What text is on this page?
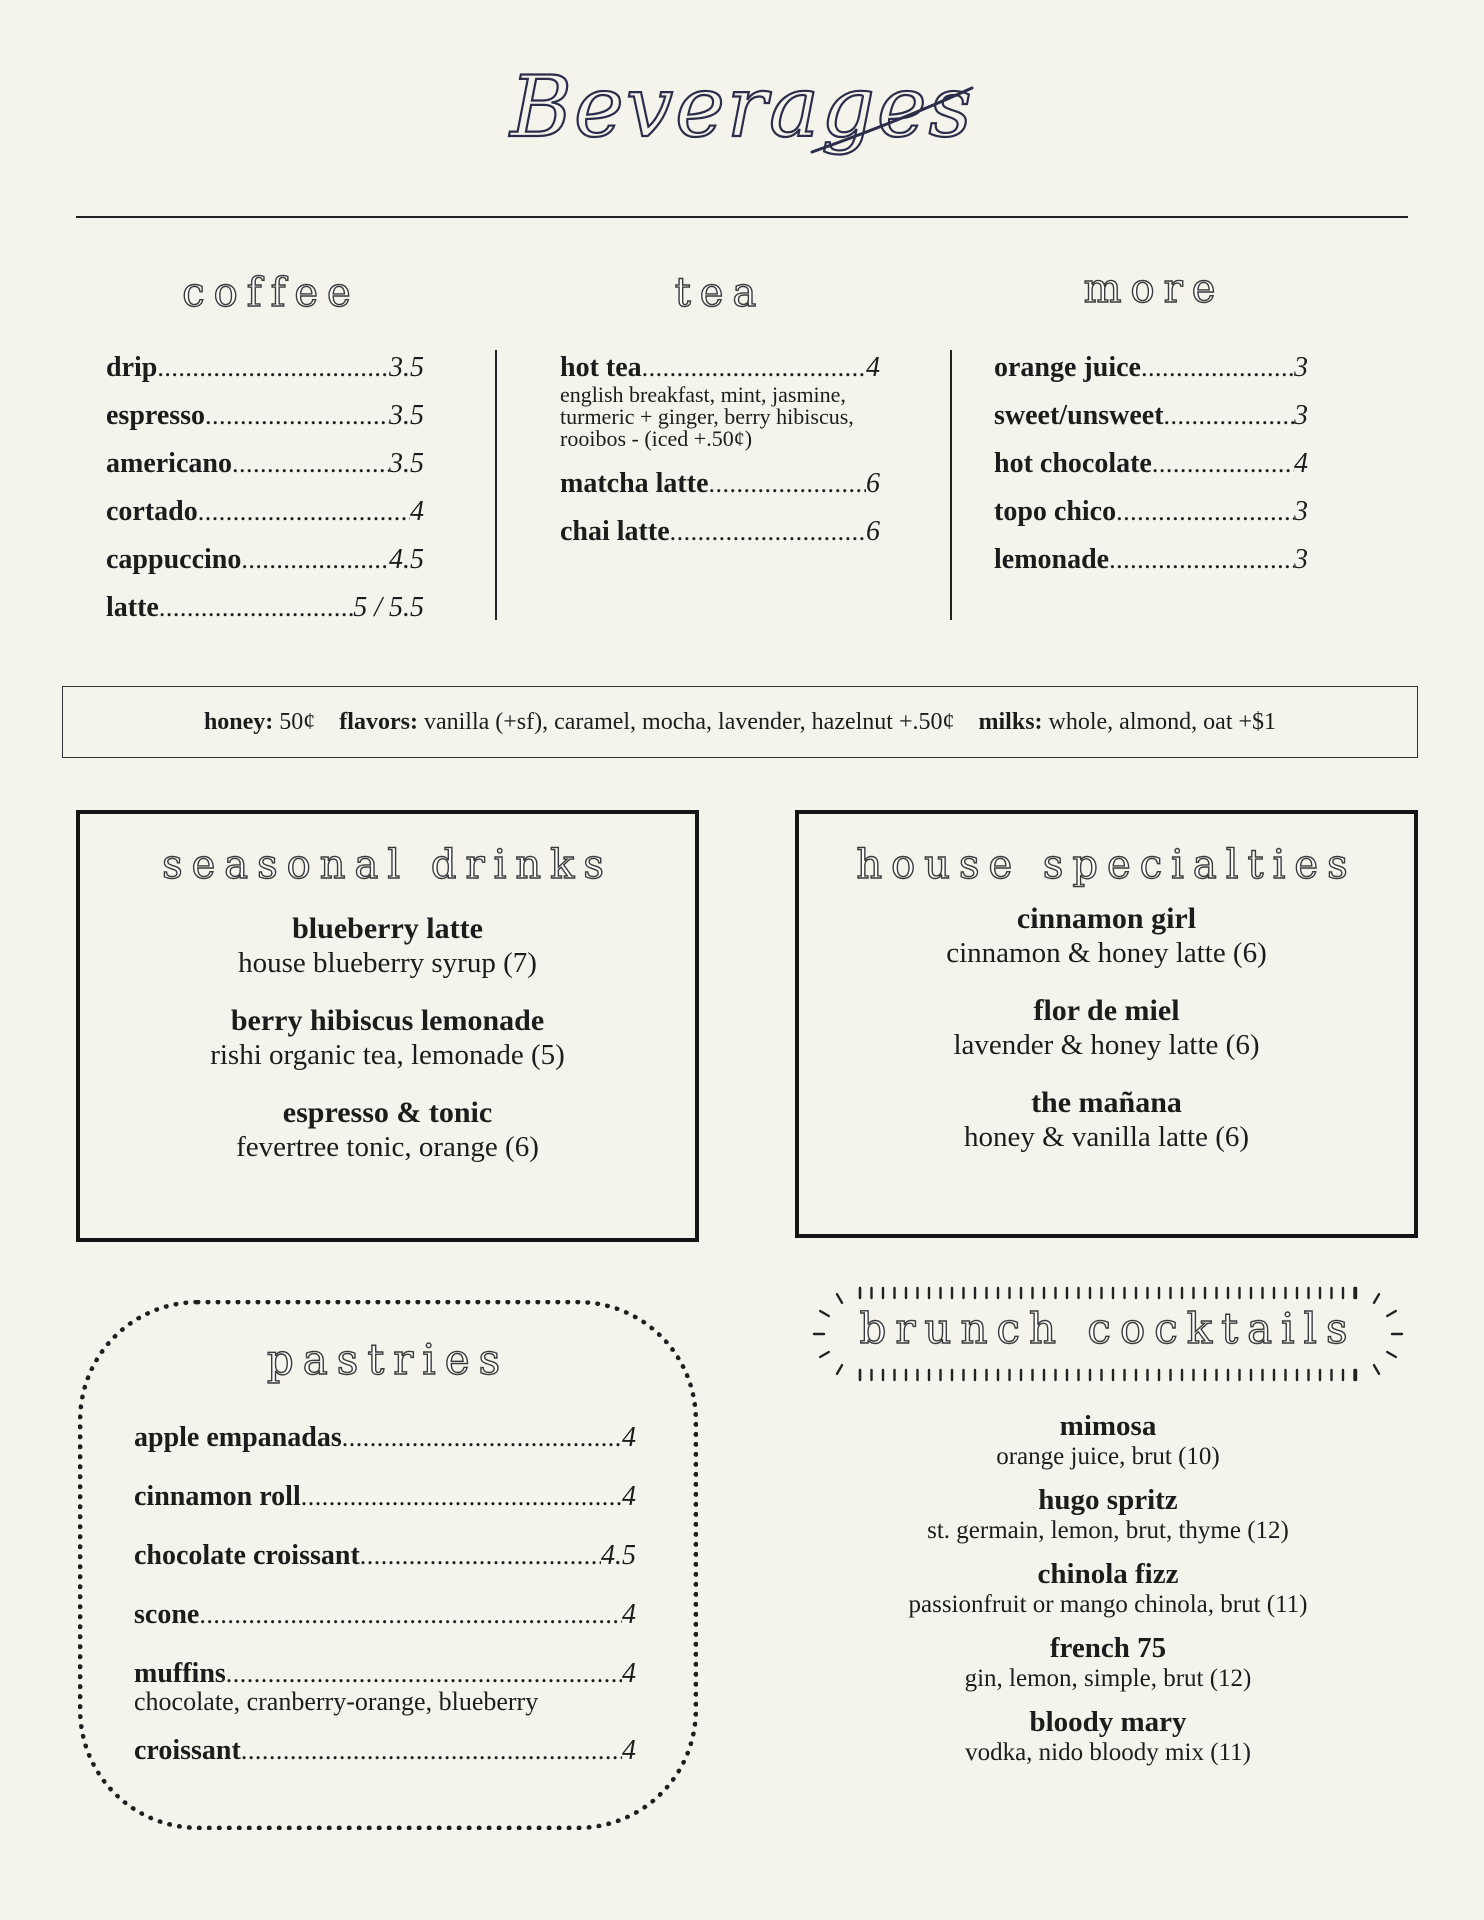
Beverages
coffee
drip .....	3.5
espresso .....	3.5
americano .....	3.5
cortado .....	4
cappuccino .....	4.5
latte .....	5 / 5.5
tea
hot tea .....	4
english breakfast, mint, jasmine, turmeric + ginger, berry hibiscus, rooibos - (iced +.50¢)
matcha latte .....	6
chai latte .....	6
more
orange juice .....	3
sweet/unsweet .....	3
hot chocolate .....	4
topo chico .....	3
lemonade .....	3
honey: 50¢ flavors: vanilla (+sf), caramel, mocha, lavender, hazelnut +.50¢ milks: whole, almond, oat +$1
seasonal drinks
blueberry latte
house blueberry syrup (7)
berry hibiscus lemonade
rishi organic tea, lemonade (5)
espresso & tonic
fevertree tonic, orange (6)
house specialties
cinnamon girl
cinnamon & honey latte (6)
flor de miel
lavender & honey latte (6)
the mañana
honey & vanilla latte (6)
pastries
apple empanadas .....	4
cinnamon roll .....	4
chocolate croissant .....	4.5
scone .....	4
muffins .....	4
chocolate, cranberry-orange, blueberry
croissant .....	4
brunch cocktails
mimosa
orange juice, brut (10)
hugo spritz
st. germain, lemon, brut, thyme (12)
chinola fizz
passionfruit or mango chinola, brut (11)
french 75
gin, lemon, simple, brut (12)
bloody mary
vodka, nido bloody mix (11)
